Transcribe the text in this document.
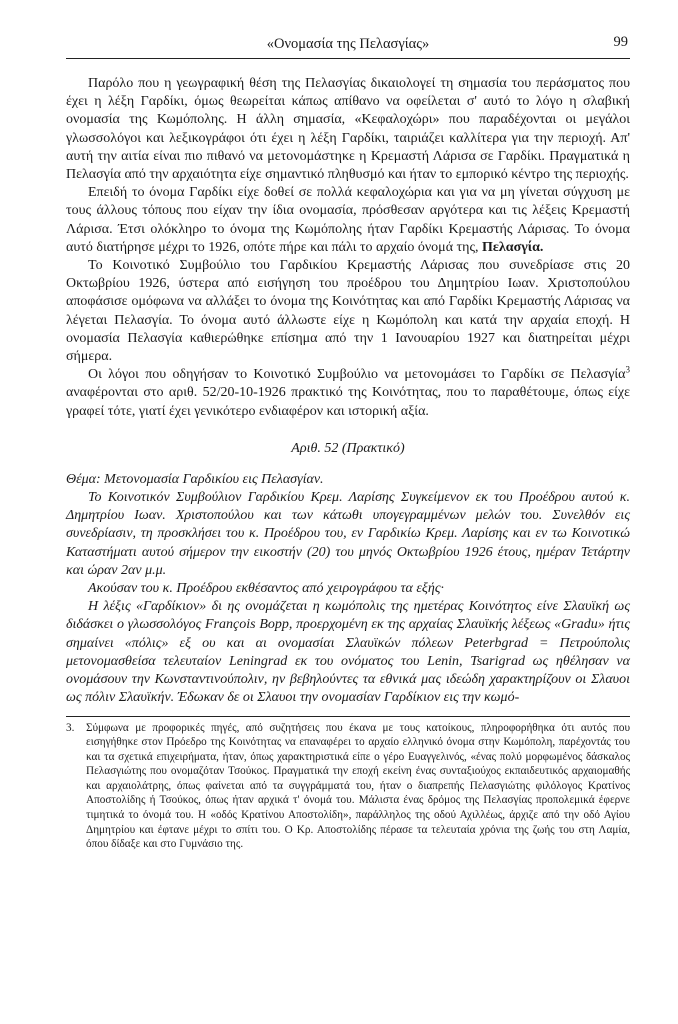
«Ονομασία της Πελασγίας»	99

Παρόλο που η γεωγραφική θέση της Πελασγίας δικαιολογεί τη σημασία του περάσματος που έχει η λέξη Γαρδίκι, όμως θεωρείται κάπως απίθανο να οφείλεται σ' αυτό το λόγο η σλαβική ονομασία της Κωμόπολης. Η άλλη σημασία, «Κεφαλοχώρι» που παραδέχονται οι μεγάλοι γλωσσολόγοι και λεξικογράφοι ότι έχει η λέξη Γαρδίκι, ταιριάζει καλλίτερα για την περιοχή. Απ' αυτή την αιτία είναι πιο πιθανό να μετονομάστηκε η Κρεμαστή Λάρισα σε Γαρδίκι. Πραγματικά η Πελασγία από την αρχαιότητα είχε σημαντικό πληθυσμό και ήταν το εμπορικό κέντρο της περιοχής.

Επειδή το όνομα Γαρδίκι είχε δοθεί σε πολλά κεφαλοχώρια και για να μη γίνεται σύγχυση με τους άλλους τόπους που είχαν την ίδια ονομασία, πρόσθεσαν αργότερα και τις λέξεις Κρεμαστή Λάρισα. Έτσι ολόκληρο το όνομα της Κωμόπολης ήταν Γαρδίκι Κρεμαστής Λάρισας. Το όνομα αυτό διατήρησε μέχρι το 1926, οπότε πήρε και πάλι το αρχαίο όνομά της, Πελασγία.

Το Κοινοτικό Συμβούλιο του Γαρδικίου Κρεμαστής Λάρισας που συνεδρίασε στις 20 Οκτωβρίου 1926, ύστερα από εισήγηση του προέδρου του Δημητρίου Ιωαν. Χριστοπούλου αποφάσισε ομόφωνα να αλλάξει το όνομα της Κοινότητας και από Γαρδίκι Κρεμαστής Λάρισας να λέγεται Πελασγία. Το όνομα αυτό άλλωστε είχε η Κωμόπολη και κατά την αρχαία εποχή. Η ονομασία Πελασγία καθιερώθηκε επίσημα από την 1 Ιανουαρίου 1927 και διατηρείται μέχρι σήμερα.

Οι λόγοι που οδηγήσαν το Κοινοτικό Συμβούλιο να μετονομάσει το Γαρδίκι σε Πελασγία$^3$ αναφέρονται στο αριθ. 52/20-10-1926 πρακτικό της Κοινότητας, που το παραθέτουμε, όπως είχε γραφεί τότε, γιατί έχει γενικότερο ενδιαφέρον και ιστορική αξία.

Αριθ. 52 (Πρακτικό)

Θέμα: Μετονομασία Γαρδικίου εις Πελασγίαν.

Το Κοινοτικόν Συμβούλιον Γαρδικίου Κρεμ. Λαρίσης Συγκείμενον εκ του Προέδρου αυτού κ. Δημητρίου Ιωαν. Χριστοπούλου και των κάτωθι υπογεγραμμένων μελών του. Συνελθόν εις συνεδρίασιν, τη προσκλήσει του κ. Προέδρου του, εν Γαρδικίω Κρεμ. Λαρίσης και εν τω Κοινοτικώ Καταστήματι αυτού σήμερον την εικοστήν (20) του μηνός Οκτωβρίου 1926 έτους, ημέραν Τετάρτην και ώραν 2αν μ.μ.

Ακούσαν του κ. Προέδρου εκθέσαντος από χειρογράφου τα εξής·

Η λέξις «Γαρδίκιον» δι ης ονομάζεται η κωμόπολις της ημετέρας Κοινότητος είνε Σλαυϊκή ως διδάσκει ο γλωσσολόγος François Bopp, προερχομένη εκ της αρχαίας Σλαυϊκής λέξεως «Gradu» ήτις σημαίνει «πόλις» εξ ου και αι ονομασίαι Σλαυϊκών πόλεων Peterbgrad = Πετρούπολις μετονομασθείσα τελευταίον Leningrad εκ του ονόματος του Lenin, Tsarigrad ως ηθέλησαν να ονομάσουν την Κωνσταντινούπολιν, ην βεβηλούντες τα εθνικά μας ιδεώδη χαρακτηρίζουν οι Σλαυοι ως πόλιν Σλαυϊκήν. Έδωκαν δε οι Σλαυοι την ονομασίαν Γαρδίκιον εις την κωμό-

3.	Σύμφωνα με προφορικές πηγές, από συζητήσεις που έκανα με τους κατοίκους, πληροφορήθηκα ότι αυτός που εισηγήθηκε στον Πρόεδρο της Κοινότητας να επαναφέρει το αρχαίο ελληνικό όνομα στην Κωμόπολη, παρέχοντάς του και τα σχετικά επιχειρήματα, ήταν, όπως χαρακτηριστικά είπε ο γέρο Ευαγγελινός, «ένας πολύ μορφωμένος δάσκαλος Πελασγιώτης που ονομαζόταν Τσούκος. Πραγματικά την εποχή εκείνη ένας συνταξιούχος εκπαιδευτικός αρχαιομαθής και αρχαιολάτρης, όπως φαίνεται από τα συγγράμματά του, ήταν ο διαπρεπής Πελασγιώτης φιλόλογος Κρατίνος Αποστολίδης ή Τσούκος, όπως ήταν αρχικά τ' όνομά του. Μάλιστα ένας δρόμος της Πελασγίας προπολεμικά έφερνε τιμητικά το όνομά του. Η «οδός Κρατίνου Αποστολίδη», παράλληλος της οδού Αχιλλέως, άρχιζε από την οδό Αγίου Δημητρίου και έφτανε μέχρι το σπίτι του. Ο Κρ. Αποστολίδης πέρασε τα τελευταία χρόνια της ζωής του στη Λαμία, όπου δίδαξε και στο Γυμνάσιο της.
